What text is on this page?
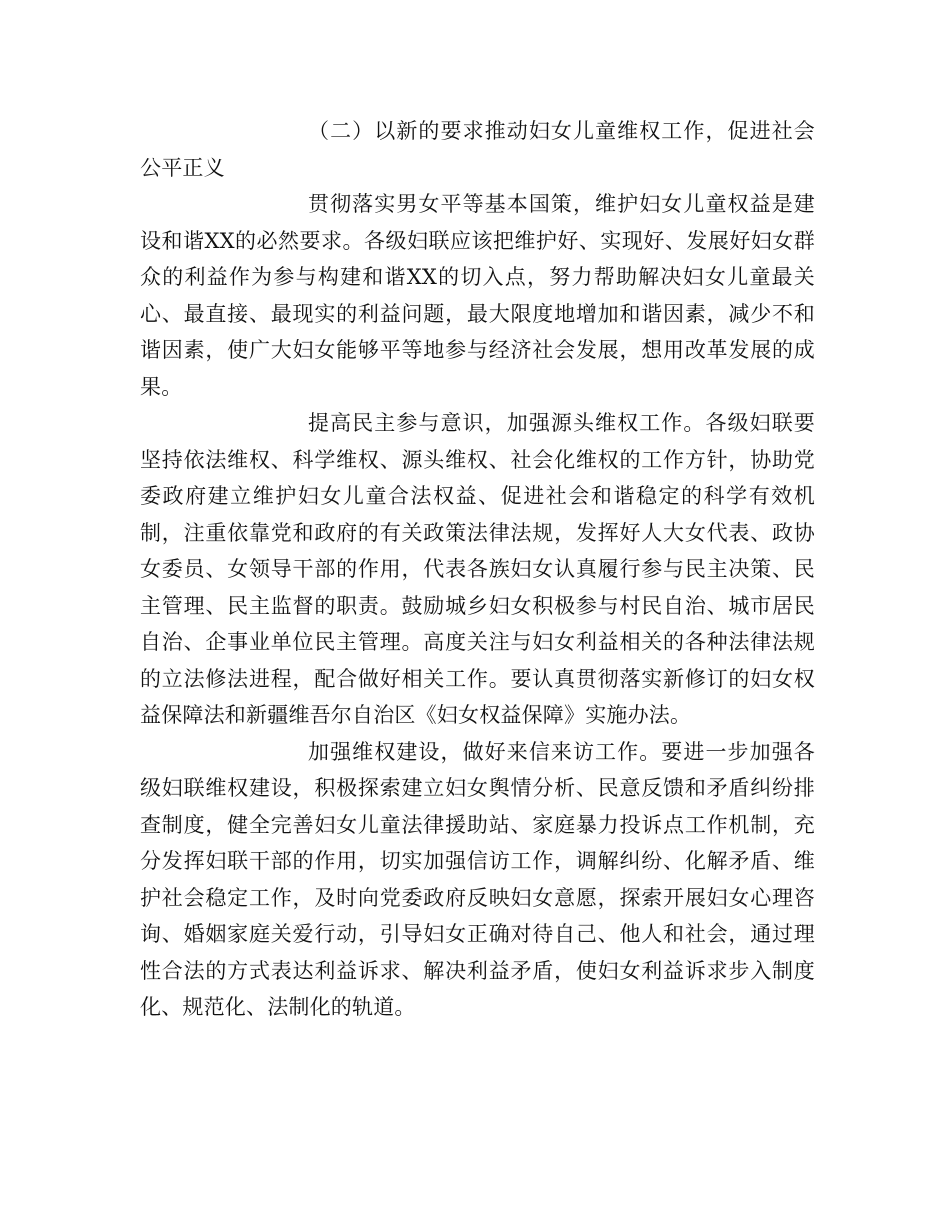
（二）以新的要求推动妇女儿童维权工作，促进社会公平正义

贯彻落实男女平等基本国策，维护妇女儿童权益是建设和谐XX的必然要求。各级妇联应该把维护好、实现好、发展好妇女群众的利益作为参与构建和谐XX的切入点，努力帮助解决妇女儿童最关心、最直接、最现实的利益问题，最大限度地增加和谐因素，减少不和谐因素，使广大妇女能够平等地参与经济社会发展，想用改革发展的成果。

提高民主参与意识，加强源头维权工作。各级妇联要坚持依法维权、科学维权、源头维权、社会化维权的工作方针，协助党委政府建立维护妇女儿童合法权益、促进社会和谐稳定的科学有效机制，注重依靠党和政府的有关政策法律法规，发挥好人大女代表、政协女委员、女领导干部的作用，代表各族妇女认真履行参与民主决策、民主管理、民主监督的职责。鼓励城乡妇女积极参与村民自治、城市居民自治、企事业单位民主管理。高度关注与妇女利益相关的各种法律法规的立法修法进程，配合做好相关工作。要认真贯彻落实新修订的妇女权益保障法和新疆维吾尔自治区《妇女权益保障》实施办法。

加强维权建设，做好来信来访工作。要进一步加强各级妇联维权建设，积极探索建立妇女舆情分析、民意反馈和矛盾纠纷排查制度，健全完善妇女儿童法律援助站、家庭暴力投诉点工作机制，充分发挥妇联干部的作用，切实加强信访工作，调解纠纷、化解矛盾、维护社会稳定工作，及时向党委政府反映妇女意愿，探索开展妇女心理咨询、婚姻家庭关爱行动，引导妇女正确对待自己、他人和社会，通过理性合法的方式表达利益诉求、解决利益矛盾，使妇女利益诉求步入制度化、规范化、法制化的轨道。
